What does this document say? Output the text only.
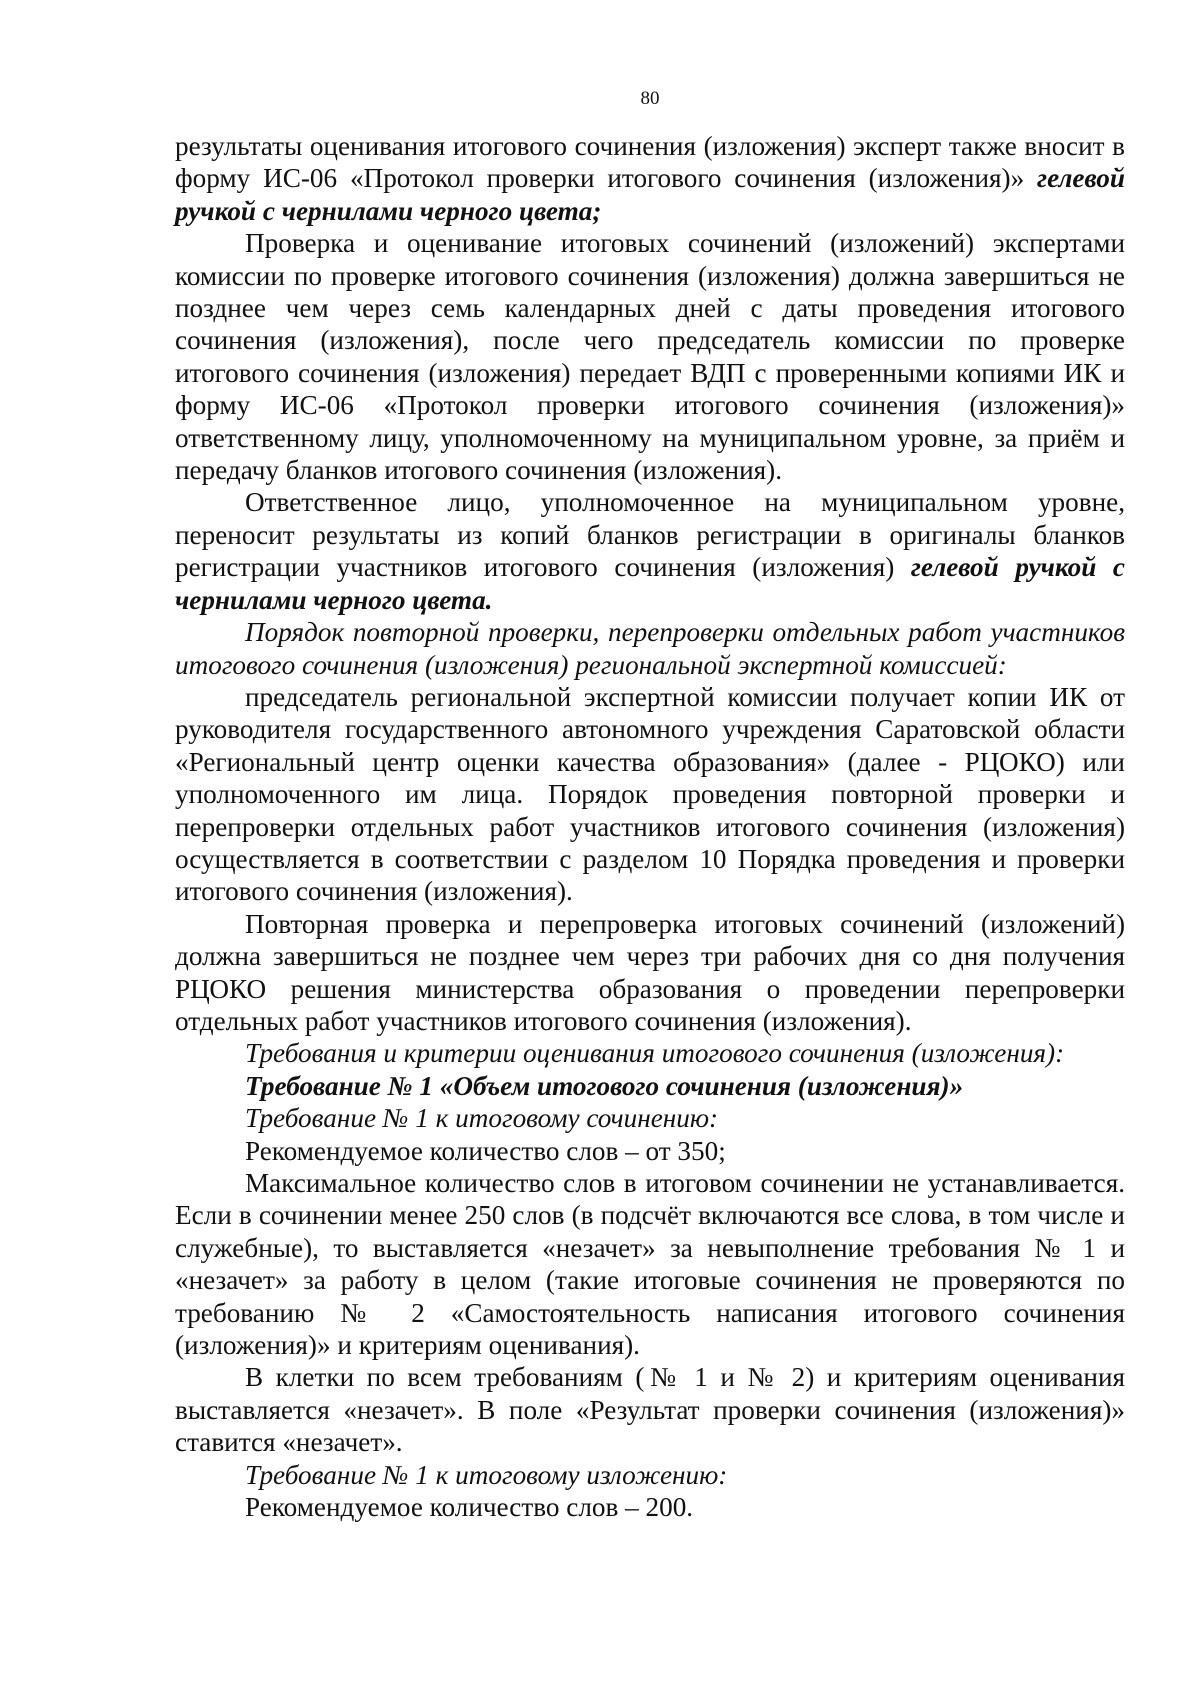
80

результаты оценивания итогового сочинения (изложения) эксперт также вносит в форму ИС-06 «Протокол проверки итогового сочинения (изложения)» гелевой ручкой с чернилами черного цвета;

Проверка и оценивание итоговых сочинений (изложений) экспертами комиссии по проверке итогового сочинения (изложения) должна завершиться не позднее чем через семь календарных дней с даты проведения итогового сочинения (изложения), после чего председатель комиссии по проверке итогового сочинения (изложения) передает ВДП с проверенными копиями ИК и форму ИС-06 «Протокол проверки итогового сочинения (изложения)» ответственному лицу, уполномоченному на муниципальном уровне, за приём и передачу бланков итогового сочинения (изложения).

Ответственное лицо, уполномоченное на муниципальном уровне, переносит результаты из копий бланков регистрации в оригиналы бланков регистрации участников итогового сочинения (изложения) гелевой ручкой с чернилами черного цвета.

Порядок повторной проверки, перепроверки отдельных работ участников итогового сочинения (изложения) региональной экспертной комиссией:

председатель региональной экспертной комиссии получает копии ИК от руководителя государственного автономного учреждения Саратовской области «Региональный центр оценки качества образования» (далее - РЦОКО) или уполномоченного им лица. Порядок проведения повторной проверки и перепроверки отдельных работ участников итогового сочинения (изложения) осуществляется в соответствии с разделом 10 Порядка проведения и проверки итогового сочинения (изложения).

Повторная проверка и перепроверка итоговых сочинений (изложений) должна завершиться не позднее чем через три рабочих дня со дня получения РЦОКО решения министерства образования о проведении перепроверки отдельных работ участников итогового сочинения (изложения).

Требования и критерии оценивания итогового сочинения (изложения):

Требование № 1 «Объем итогового сочинения (изложения)»

Требование № 1 к итоговому сочинению:

Рекомендуемое количество слов – от 350;

Максимальное количество слов в итоговом сочинении не устанавливается. Если в сочинении менее 250 слов (в подсчёт включаются все слова, в том числе и служебные), то выставляется «незачет» за невыполнение требования № 1 и «незачет» за работу в целом (такие итоговые сочинения не проверяются по требованию № 2 «Самостоятельность написания итогового сочинения (изложения)» и критериям оценивания).

В клетки по всем требованиям (№ 1 и № 2) и критериям оценивания выставляется «незачет». В поле «Результат проверки сочинения (изложения)» ставится «незачет».

Требование № 1 к итоговому изложению:

Рекомендуемое количество слов – 200.
